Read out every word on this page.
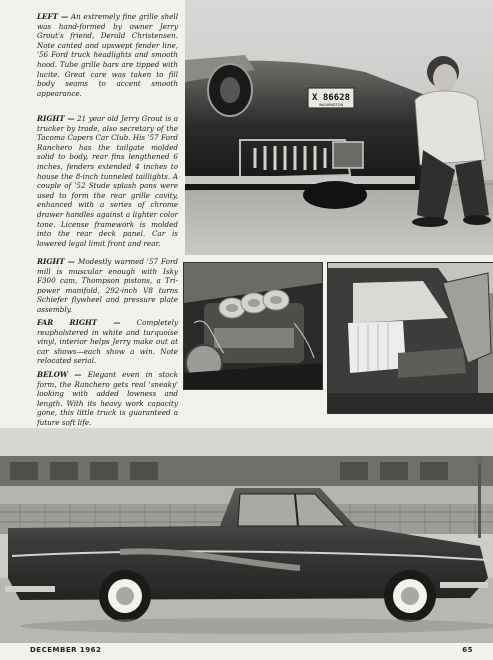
LEFT — An extremely fine grille shell was hand-formed by owner Jerry Grout's friend, Derald Christensen. Note canted and upswept fender line, '56 Ford truck headlights and smooth hood. Tube grille bars are tipped with lucite. Great care was taken to fill body seams to accent smooth appearance.

RIGHT — 21 year old Jerry Grout is a trucker by trade, also secretary of the Tacoma Capers Car Club. His '57 Ford Ranchero has the tailgate molded solid to body, rear fins lengthened 6 inches, fenders extended 4 inches to house the 8-inch tunneled taillights. A couple of '52 Stude splash pans were used to form the rear grille cavity, enhanced with a series of chrome drawer handles against a lighter color tone. License framework is molded into the rear deck panel. Car is lowered legal limit front and rear.

RIGHT — Modestly warmed '57 Ford mill is muscular enough with Isky F300 cam, Thompson pistons, a Tri-power manifold, 292-inch V8 turns Schiefer flywheel and pressure plate assembly.

FAR RIGHT — Completely reupholstered in white and turquoise vinyl, interior helps Jerry make out at car shows—each show a win. Note relocated serial.

BELOW — Elegant even in stock form, the Ranchero gets real 'sneaky' looking with added lowness and length. With its heavy work capacity gone, this little truck is guaranteed a future soft life.

X 86628
WASHINGTON
DECEMBER 1962	65
